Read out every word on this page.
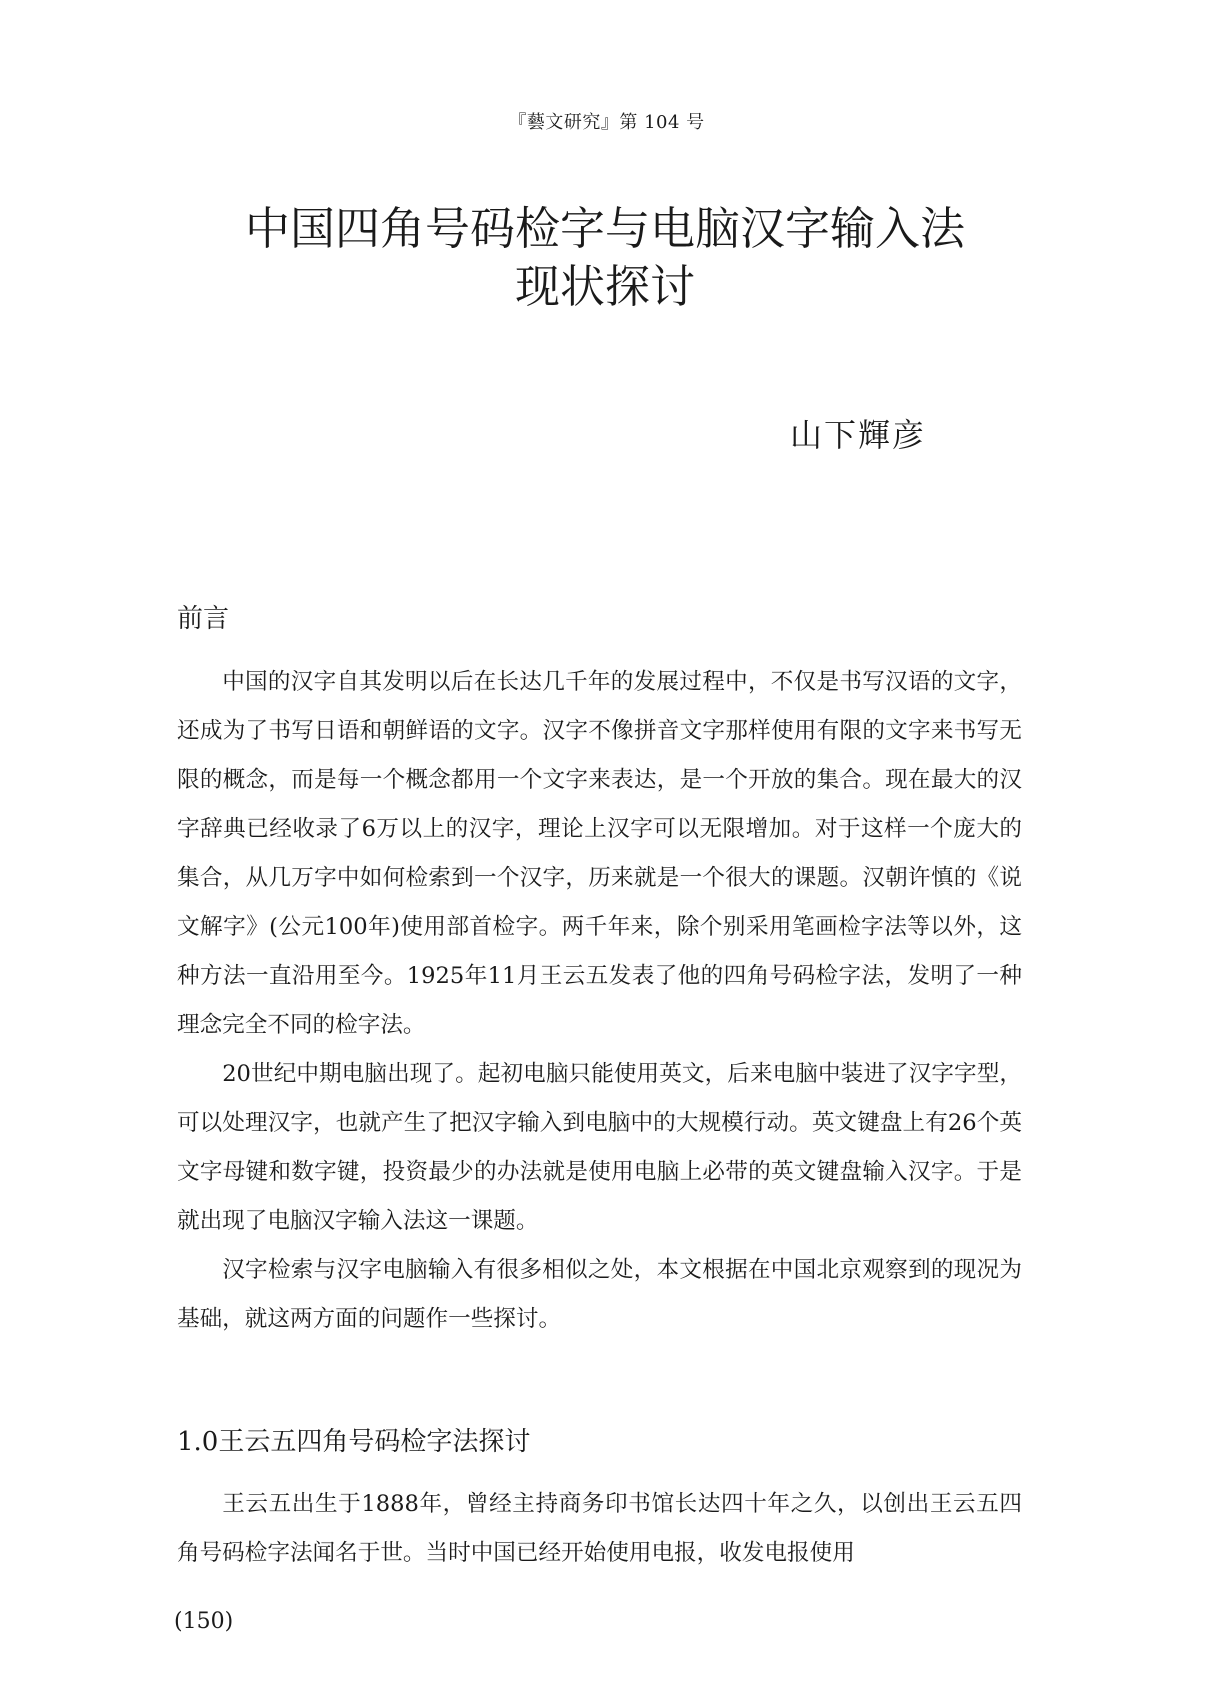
『藝文研究』第 104 号
中国四角号码检字与电脑汉字输入法
现状探讨
山下輝彦
前言

中国的汉字自其发明以后在长达几千年的发展过程中，不仅是书写汉语的文字，还成为了书写日语和朝鲜语的文字。汉字不像拼音文字那样使用有限的文字来书写无限的概念，而是每一个概念都用一个文字来表达，是一个开放的集合。现在最大的汉字辞典已经收录了6万以上的汉字，理论上汉字可以无限增加。对于这样一个庞大的集合，从几万字中如何检索到一个汉字，历来就是一个很大的课题。汉朝许慎的《说文解字》(公元100年)使用部首检字。两千年来，除个别采用笔画检字法等以外，这种方法一直沿用至今。1925年11月王云五发表了他的四角号码检字法，发明了一种理念完全不同的检字法。

20世纪中期电脑出现了。起初电脑只能使用英文，后来电脑中装进了汉字字型，可以处理汉字，也就产生了把汉字输入到电脑中的大规模行动。英文键盘上有26个英文字母键和数字键，投资最少的办法就是使用电脑上必带的英文键盘输入汉字。于是就出现了电脑汉字输入法这一课题。

汉字检索与汉字电脑输入有很多相似之处，本文根据在中国北京观察到的现况为基础，就这两方面的问题作一些探讨。

1.0王云五四角号码检字法探讨

王云五出生于1888年，曾经主持商务印书馆长达四十年之久，以创出王云五四角号码检字法闻名于世。当时中国已经开始使用电报，收发电报使用

(150)
